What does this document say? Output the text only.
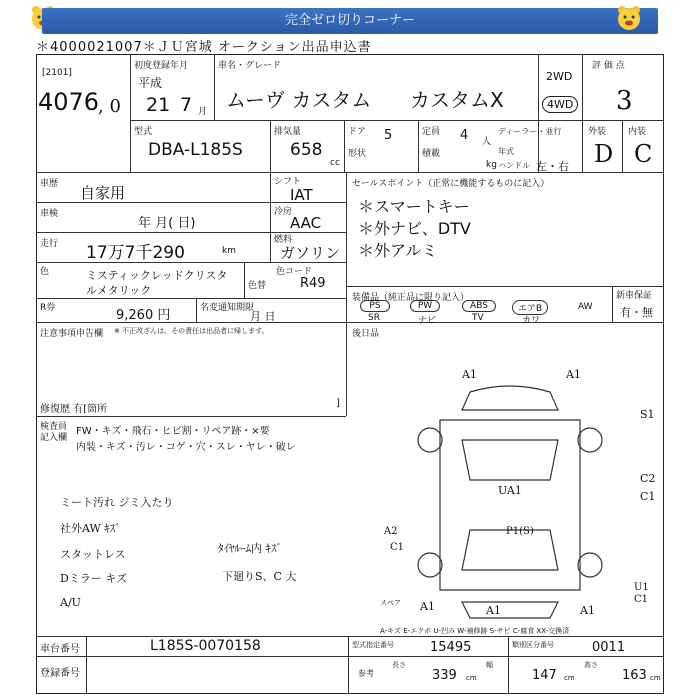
完全ゼロ切りコーナー
＊4000021007＊ＪＵ宮城 オークション出品申込書
[2101]
4076
, 0
初度登録年月
平成
21 7 月
車名・グレード
ムーヴ カスタム カスタムX
2WD
4WD
評 価 点
3
型式
DBA-L185S
排気量
658
cc
ドア 5
形状
定員 4 人
積載
kg
ディーラー・並行
年式
ハンドル 左・右
外装 内装
D C
車歴 自家用
シフト
IAT
車検
年 月( 日)
冷房
AAC
走行 17万7千290	km
燃料
ガソリン
色	ミスティックレッドクリスタルメタリック	色替
色コード
R49
R券	9,260 円	名変通知期限
月 日
セールスポイント（正常に機能するものに記入）
＊スマートキー
＊外ナビ、DTV
＊外アルミ
装備品（純正品に限り記入）
PS	PW	ABS	エアB	AW
SR	ナビ	TV	カワ
新車保証
有・無
注意事項申告欄 ※ 不正改ざんは、その責任は出品者に帰します。	後日品
修復歴 有[箇所
]
検査員記入欄
FW・キズ・飛石・ヒビ割・リペア跡・×要
内装・キズ・汚レ・コゲ・穴・スレ・ヤレ・破レ
ミート汚れ ジミ入たり
社外AW ｷｽﾞ
スタットレス
Dミラー キズ
A/U
ﾀｲﾔﾙｰﾑ内 ｷｽﾞ
下廻りS、C 大
A1
S1
A1
C2
C1
UA1
A2
C1
P1(S)
U1
C1
A1	A1	A1
スペア
A-キズ E-エクボ U-凹み W-補修跡 S-サビ C-腐食 XX-交換済
車台番号	L185S-0070158
登録番号
型式指定番号	15495	類別区分番号	0011
参考
長さ
339 cm
幅
147 cm
高さ
163 cm
